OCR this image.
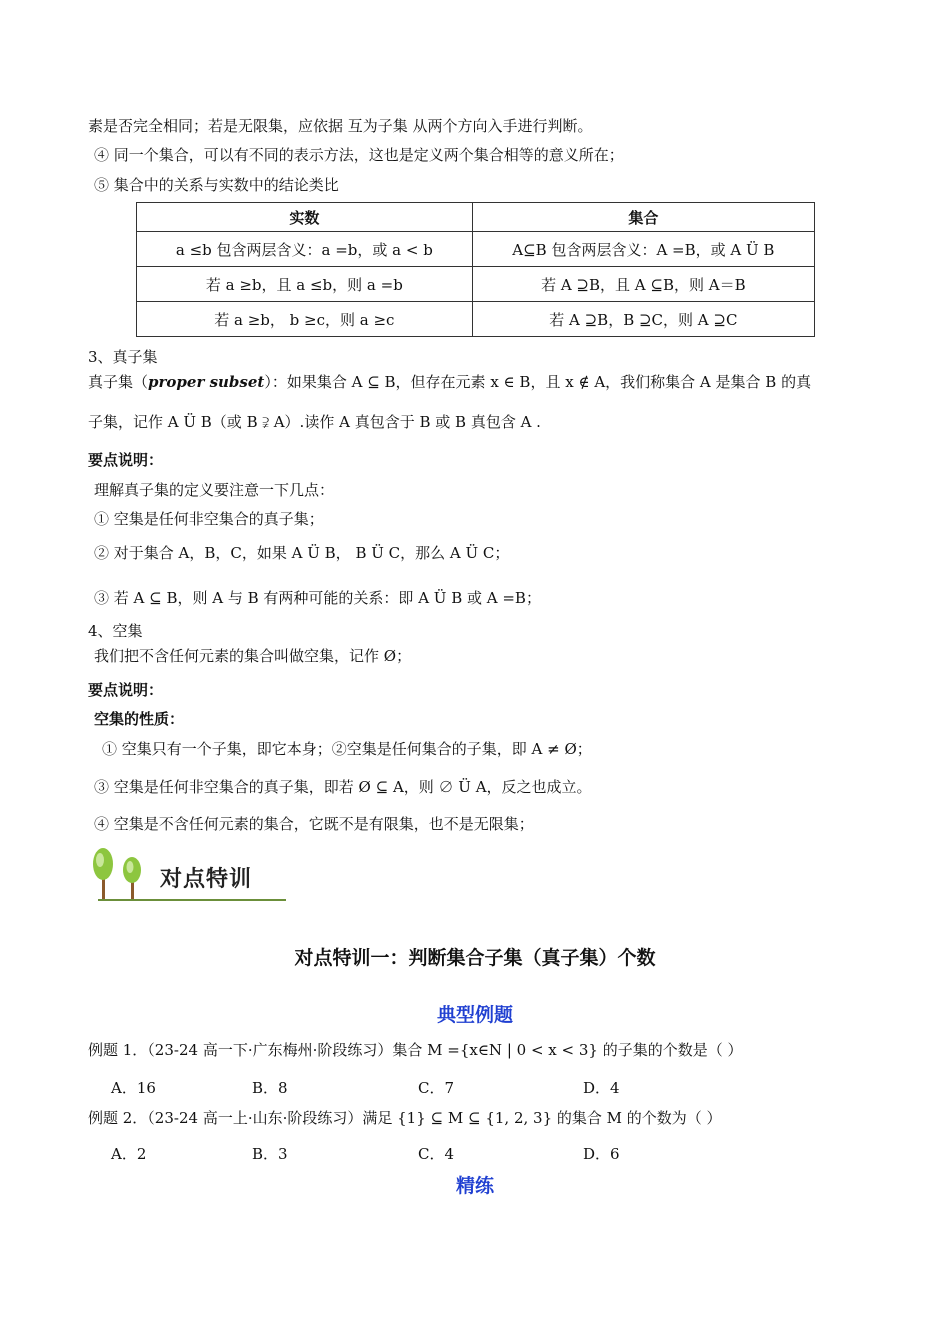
素是否完全相同；若是无限集，应依据 互为子集 从两个方向入手进行判断。
④ 同一个集合，可以有不同的表示方法，这也是定义两个集合相等的意义所在；
⑤ 集合中的关系与实数中的结论类比
实数	集合
a ≤b 包含两层含义：a =b，或 a < b	A⊆B 包含两层含义：A =B，或 A Ü B
若 a ≥b，且 a ≤b，则 a =b	若 A ⊇B，且 A ⊆B，则 A＝B
若 a ≥b， b ≥c，则 a ≥c	若 A ⊇B，B ⊇C，则 A ⊇C
3、真子集
真子集（proper subset）：如果集合 A ⊆ B，但存在元素 x ∈ B，且 x ∉ A，我们称集合 A 是集合 B 的真
子集，记作 A Ü B（或 B ⫌ A）.读作 A 真包含于 B 或 B 真包含 A .
要点说明：
理解真子集的定义要注意一下几点：
① 空集是任何非空集合的真子集；
② 对于集合 A，B，C，如果 A Ü B， B Ü C，那么 A Ü C；
③ 若 A ⊆ B，则 A 与 B 有两种可能的关系：即 A Ü B 或 A =B；
4、空集
我们把不含任何元素的集合叫做空集，记作 Ø；
要点说明：
空集的性质：
① 空集只有一个子集，即它本身；②空集是任何集合的子集，即 A ≠ Ø；
③ 空集是任何非空集合的真子集，即若 Ø ⊆ A，则 ∅ Ü A，反之也成立。
④ 空集是不含任何元素的集合，它既不是有限集，也不是无限集；
对点特训
对点特训一：判断集合子集（真子集）个数
典型例题
例题 1．（23-24 高一下·广东梅州·阶段练习）集合 M ={x∈N | 0 < x < 3} 的子集的个数是（ ）
A．16	B．8	C．7	D．4
例题 2．（23-24 高一上·山东·阶段练习）满足 {1} ⊆ M ⊆ {1, 2, 3} 的集合 M 的个数为（ ）
A．2	B．3	C．4	D．6
精练
